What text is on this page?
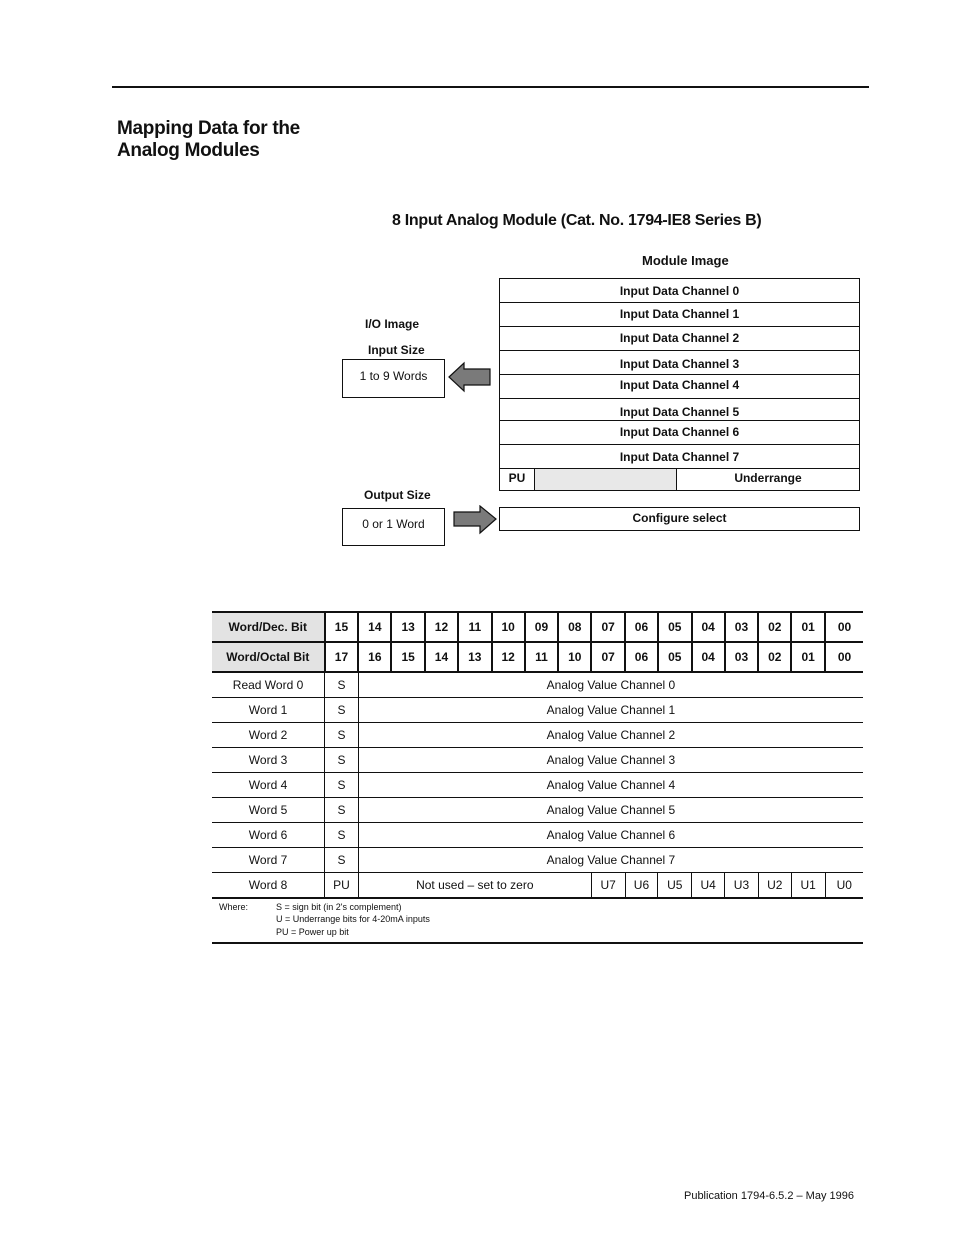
Mapping Data for the
Analog Modules
8 Input Analog Module (Cat. No. 1794-IE8 Series B)
Module Image
Input Data Channel 0
Input Data Channel 1
Input Data Channel 2
Input Data Channel 3
Input Data Channel 4
Input Data Channel 5
Input Data Channel 6
Input Data Channel 7
PU	Underrange
Configure select
I/O Image
Input Size
1 to 9 Words
Output Size
0 or 1 Word
Word/Dec. Bit	15	14	13	12	11	10	09	08	07	06	05	04	03	02	01	00
Word/Octal Bit	17	16	15	14	13	12	11	10	07	06	05	04	03	02	01	00
Read Word 0	S	Analog Value Channel 0														
Word 1	S	Analog Value Channel 1														
Word 2	S	Analog Value Channel 2														
Word 3	S	Analog Value Channel 3														
Word 4	S	Analog Value Channel 4														
Word 5	S	Analog Value Channel 5														
Word 6	S	Analog Value Channel 6														
Word 7	S	Analog Value Channel 7														
Word 8	PU	Not used – set to zero							U7	U6	U5	U4	U3	U2	U1	U0
Where:	S = sign bit (in 2's complement)
U = Underrange bits for 4-20mA inputs
PU = Power up bit
Publication 1794-6.5.2 – May 1996
